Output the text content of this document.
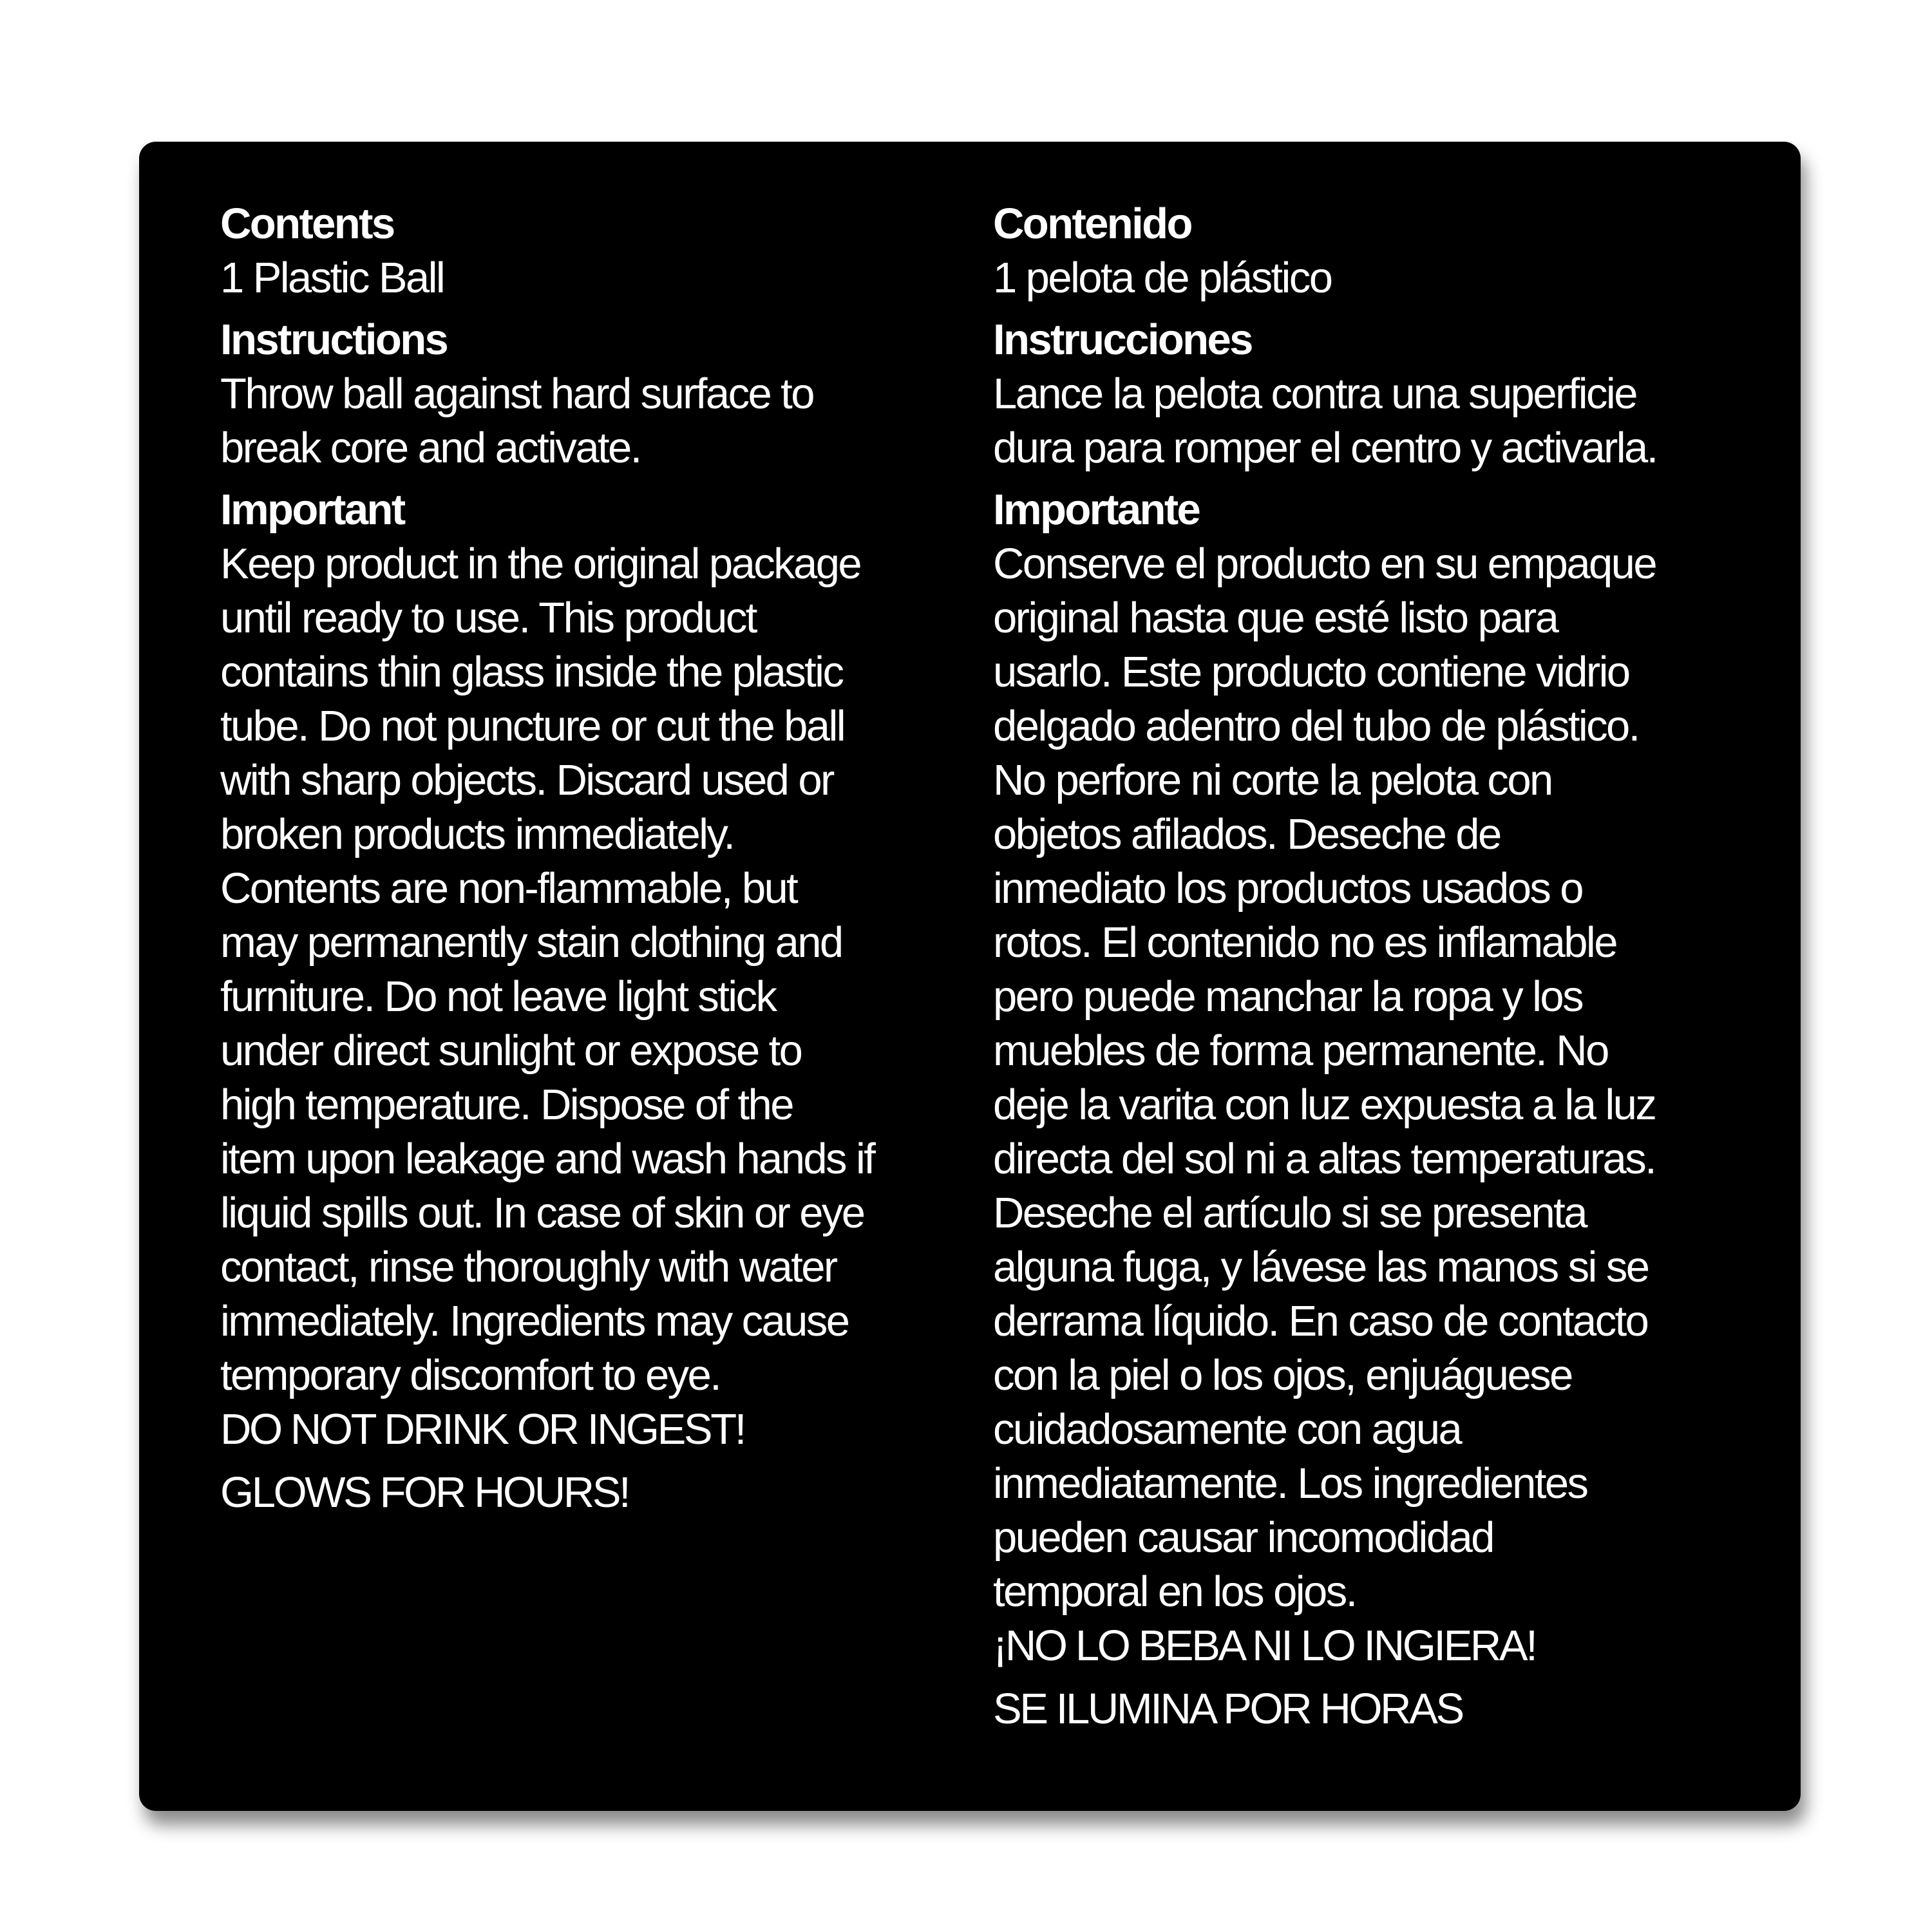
Contents
1 Plastic Ball
Instructions
Throw ball against hard surface to
break core and activate.
Important
Keep product in the original package
until ready to use. This product
contains thin glass inside the plastic
tube. Do not puncture or cut the ball
with sharp objects. Discard used or
broken products immediately.
Contents are non-flammable, but
may permanently stain clothing and
furniture. Do not leave light stick
under direct sunlight or expose to
high temperature. Dispose of the
item upon leakage and wash hands if
liquid spills out. In case of skin or eye
contact, rinse thoroughly with water
immediately. Ingredients may cause
temporary discomfort to eye.
DO NOT DRINK OR INGEST!
GLOWS FOR HOURS!
Contenido
1 pelota de plástico
Instrucciones
Lance la pelota contra una superficie
dura para romper el centro y activarla.
Importante
Conserve el producto en su empaque
original hasta que esté listo para
usarlo. Este producto contiene vidrio
delgado adentro del tubo de plástico.
No perfore ni corte la pelota con
objetos afilados. Deseche de
inmediato los productos usados o
rotos. El contenido no es inflamable
pero puede manchar la ropa y los
muebles de forma permanente. No
deje la varita con luz expuesta a la luz
directa del sol ni a altas temperaturas.
Deseche el artículo si se presenta
alguna fuga, y lávese las manos si se
derrama líquido. En caso de contacto
con la piel o los ojos, enjuáguese
cuidadosamente con agua
inmediatamente. Los ingredientes
pueden causar incomodidad
temporal en los ojos.
¡NO LO BEBA NI LO INGIERA!
SE ILUMINA POR HORAS
